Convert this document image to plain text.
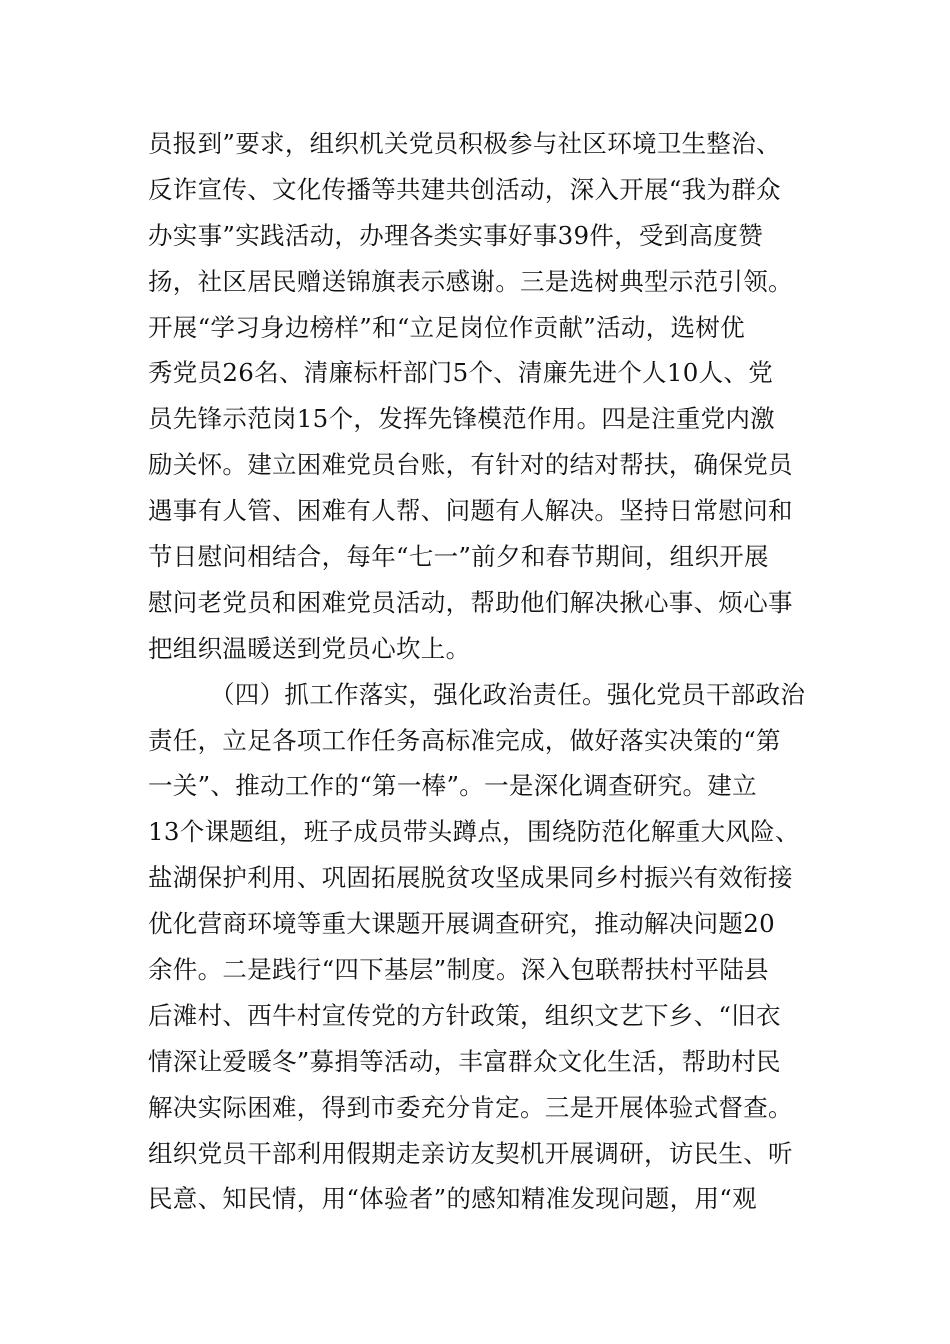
员报到”要求，组织机关党员积极参与社区环境卫生整治、
反诈宣传、文化传播等共建共创活动，深入开展“我为群众
办实事”实践活动，办理各类实事好事39件，受到高度赞
扬，社区居民赠送锦旗表示感谢。三是选树典型示范引领。
开展“学习身边榜样”和“立足岗位作贡献”活动，选树优
秀党员26名、清廉标杆部门5个、清廉先进个人10人、党
员先锋示范岗15个，发挥先锋模范作用。四是注重党内激
励关怀。建立困难党员台账，有针对的结对帮扶，确保党员
遇事有人管、困难有人帮、问题有人解决。坚持日常慰问和
节日慰问相结合，每年“七一”前夕和春节期间，组织开展
慰问老党员和困难党员活动，帮助他们解决揪心事、烦心事
把组织温暖送到党员心坎上。
（四）抓工作落实，强化政治责任。强化党员干部政治
责任，立足各项工作任务高标准完成，做好落实决策的“第
一关”、推动工作的“第一棒”。一是深化调查研究。建立
13个课题组，班子成员带头蹲点，围绕防范化解重大风险、
盐湖保护利用、巩固拓展脱贫攻坚成果同乡村振兴有效衔接
优化营商环境等重大课题开展调查研究，推动解决问题20
余件。二是践行“四下基层”制度。深入包联帮扶村平陆县
后滩村、西牛村宣传党的方针政策，组织文艺下乡、“旧衣
情深让爱暖冬”募捐等活动，丰富群众文化生活，帮助村民
解决实际困难，得到市委充分肯定。三是开展体验式督查。
组织党员干部利用假期走亲访友契机开展调研，访民生、听
民意、知民情，用“体验者”的感知精准发现问题，用“观
